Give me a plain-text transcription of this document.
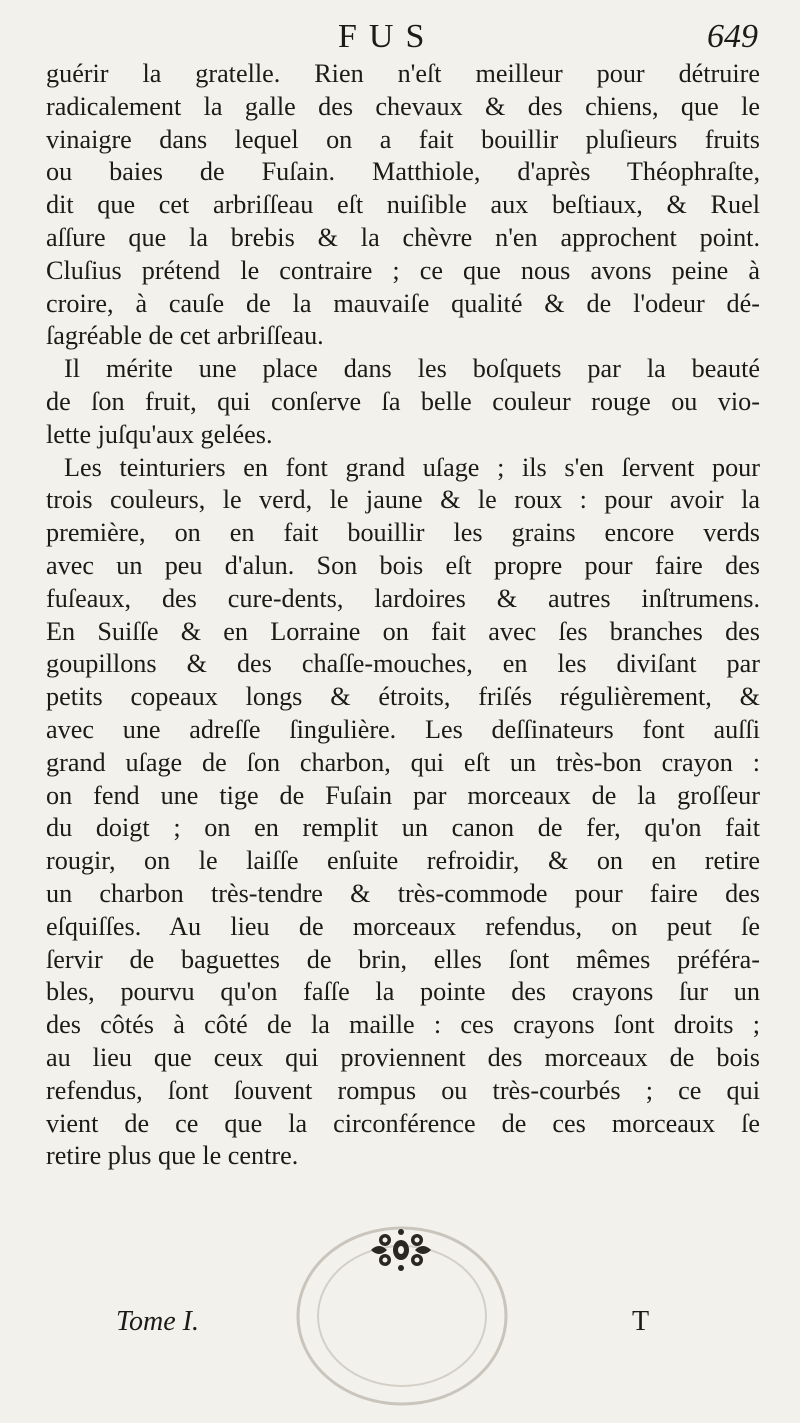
FUS	649
guérir la gratelle. Rien n'eſt meilleur pour détruire
radicalement la galle des chevaux & des chiens, que le
vinaigre dans lequel on a fait bouillir pluſieurs fruits
ou baies de Fuſain. Matthiole, d'après Théophraſte,
dit que cet arbriſſeau eſt nuiſible aux beſtiaux, & Ruel
aſſure que la brebis & la chèvre n'en approchent point.
Cluſius prétend le contraire ; ce que nous avons peine à
croire, à cauſe de la mauvaiſe qualité & de l'odeur dé-
ſagréable de cet arbriſſeau.
Il mérite une place dans les boſquets par la beauté
de ſon fruit, qui conſerve ſa belle couleur rouge ou vio-
lette juſqu'aux gelées.
Les teinturiers en font grand uſage ; ils s'en ſervent pour
trois couleurs, le verd, le jaune & le roux : pour avoir la
première, on en fait bouillir les grains encore verds
avec un peu d'alun. Son bois eſt propre pour faire des
fuſeaux, des cure-dents, lardoires & autres inſtrumens.
En Suiſſe & en Lorraine on fait avec ſes branches des
goupillons & des chaſſe-mouches, en les diviſant par
petits copeaux longs & étroits, friſés régulièrement, &
avec une adreſſe ſingulière. Les deſſinateurs font auſſi
grand uſage de ſon charbon, qui eſt un très-bon crayon :
on fend une tige de Fuſain par morceaux de la groſſeur
du doigt ; on en remplit un canon de fer, qu'on fait
rougir, on le laiſſe enſuite refroidir, & on en retire
un charbon très-tendre & très-commode pour faire des
eſquiſſes. Au lieu de morceaux refendus, on peut ſe
ſervir de baguettes de brin, elles ſont mêmes préféra-
bles, pourvu qu'on faſſe la pointe des crayons ſur un
des côtés à côté de la maille : ces crayons ſont droits ;
au lieu que ceux qui proviennent des morceaux de bois
refendus, ſont ſouvent rompus ou très-courbés ; ce qui
vient de ce que la circonférence de ces morceaux ſe
retire plus que le centre.
Tome I.	T
